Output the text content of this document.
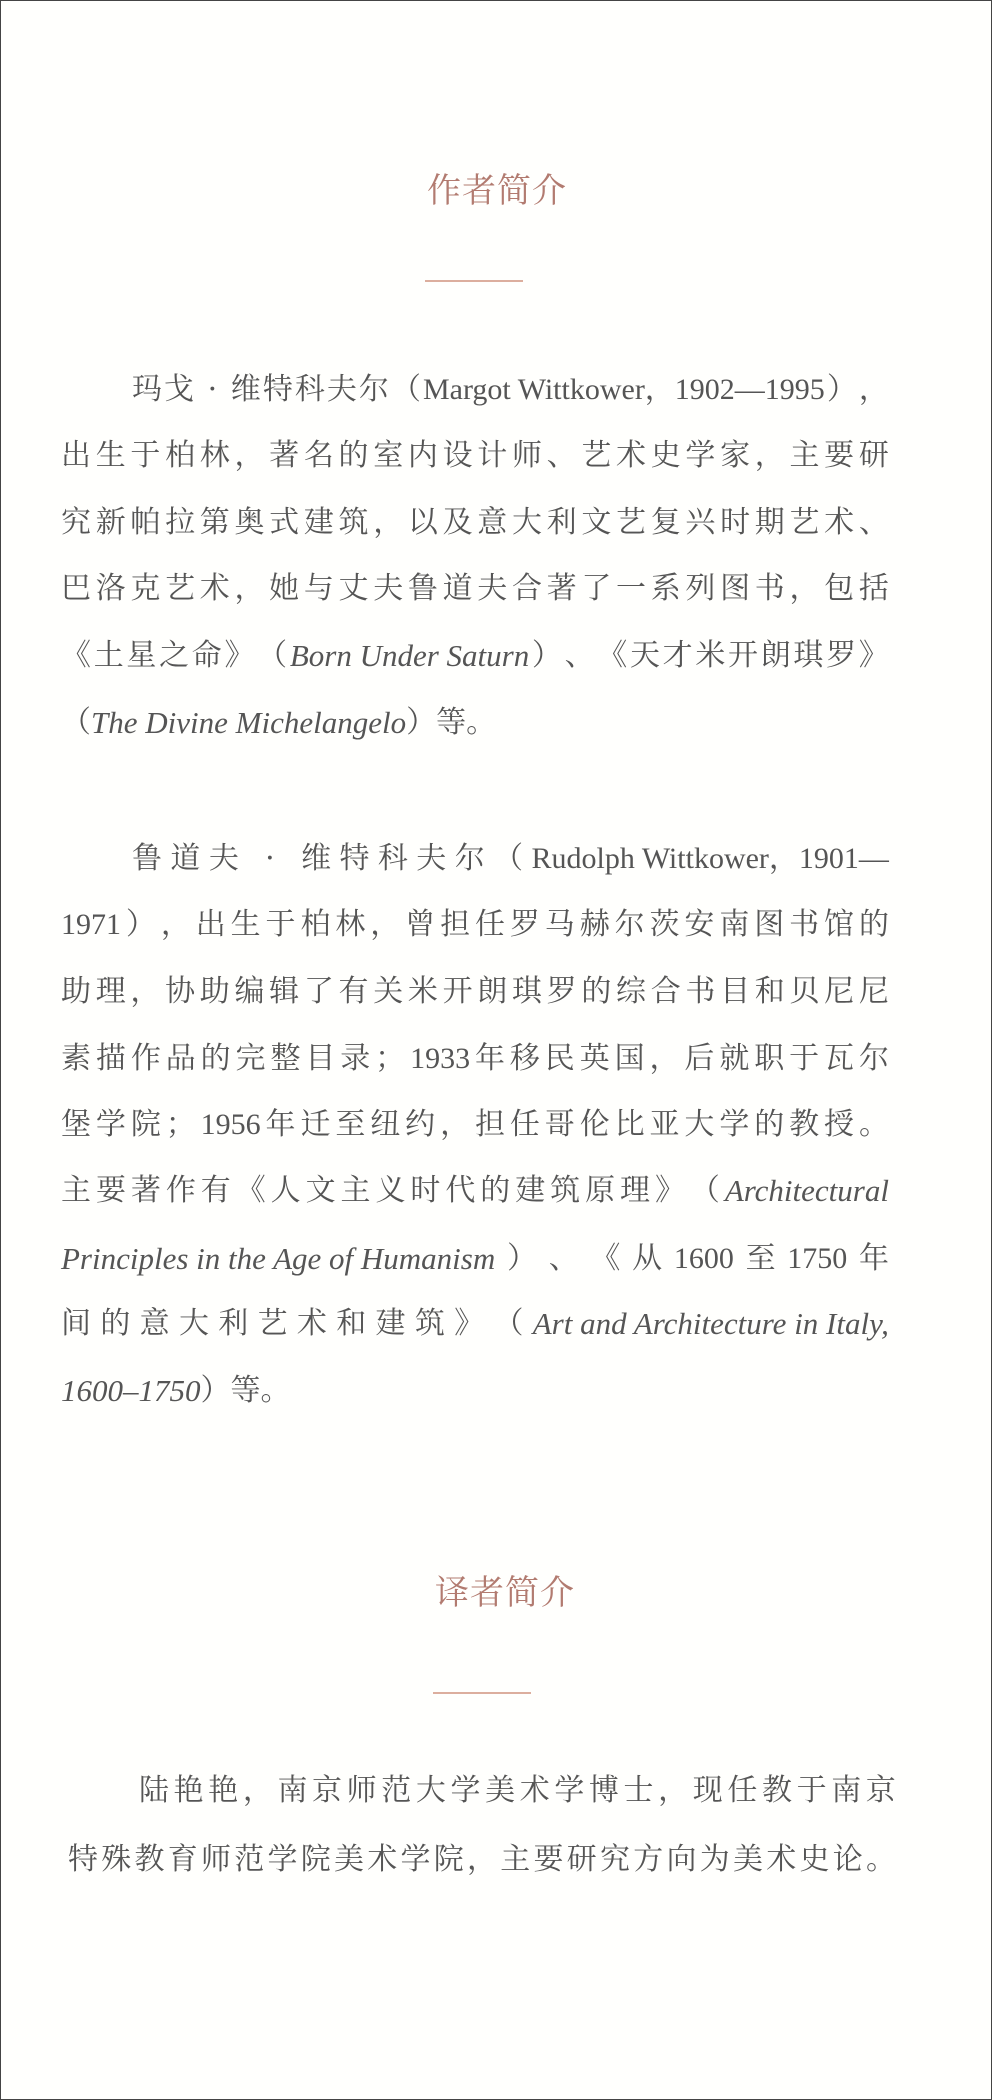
作者简介
玛 戈
·
维 特 科 夫 尔 （ Margot Wittkower，1902—1995 ） ，
出 生 于 柏 林 ， 著 名 的 室 内 设 计 师 、 艺 术 史 学 家 ， 主 要 研
究 新 帕 拉 第 奥 式 建 筑 ， 以 及 意 大 利 文 艺 复 兴 时 期 艺 术 、
巴 洛 克 艺 术 ， 她 与 丈 夫 鲁 道 夫 合 著 了 一 系 列 图 书 ， 包 括
《 土 星 之 命 》 （ Born Under Saturn ） 、 《 天 才 米 开 朗 琪 罗 》
（ The Divine Michelangelo ） 等 。
鲁 道 夫
·
维 特 科 夫 尔 （ Rudolph Wittkower，1901—
1971 ） ， 出 生 于 柏 林 ， 曾 担 任 罗 马 赫 尔 茨 安 南 图 书 馆 的
助 理 ， 协 助 编 辑 了 有 关 米 开 朗 琪 罗 的 综 合 书 目 和 贝 尼 尼
素 描 作 品 的 完 整 目 录 ； 1933 年 移 民 英 国 ， 后 就 职 于 瓦 尔
堡 学 院 ； 1956 年 迁 至 纽 约 ， 担 任 哥 伦 比 亚 大 学 的 教 授 。
主 要 著 作 有 《 人 文 主 义 时 代 的 建 筑 原 理 》 （ Architectural
Principles in the Age of Humanism ） 、 《 从 1600 至 1750 年
间 的 意 大 利 艺 术 和 建 筑 》 （ Art and Architecture in Italy,
1600–1750 ） 等 。
译者简介
陆 艳 艳 ， 南 京 师 范 大 学 美 术 学 博 士 ， 现 任 教 于 南 京
特 殊 教 育 师 范 学 院 美 术 学 院 ， 主 要 研 究 方 向 为 美 术 史 论 。
